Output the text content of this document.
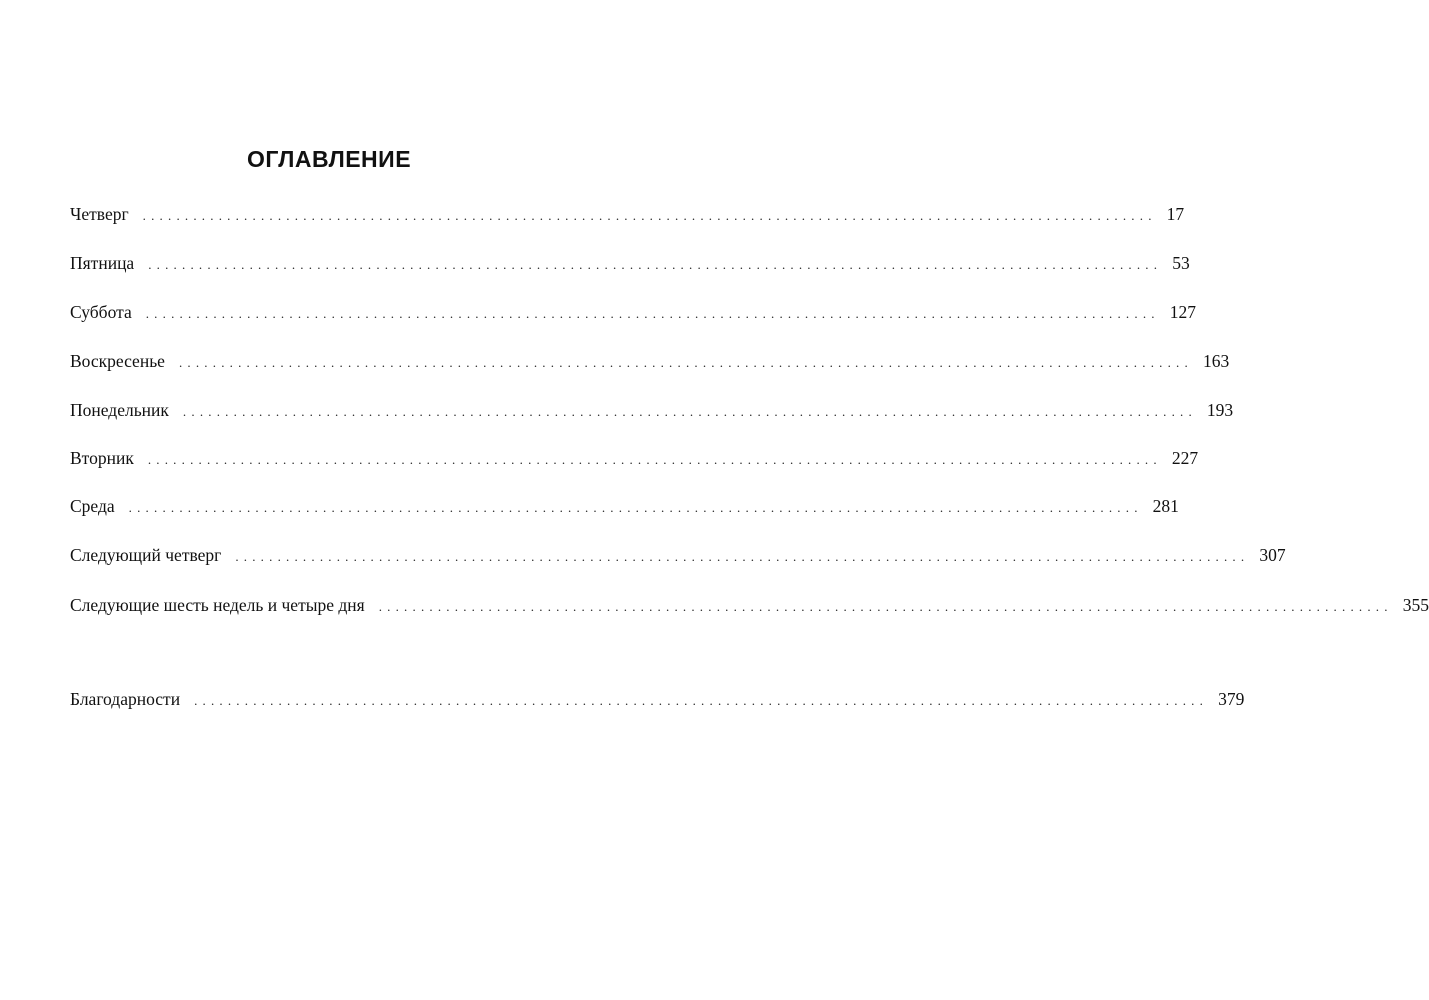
ОГЛАВЛЕНИЕ
Четверг ........................................................................................................................ 17
Пятница ........................................................................................................................ 53
Суббота ........................................................................................................................ 127
Воскресенье ........................................................................................................................ 163
Понедельник ........................................................................................................................ 193
Вторник ........................................................................................................................ 227
Среда ........................................................................................................................ 281
Следующий четверг ........................................................................................................................ 307
Следующие шесть недель и четыре дня ........................................................................................................................ 355
Благодарности ........................................................................................................................ 379
